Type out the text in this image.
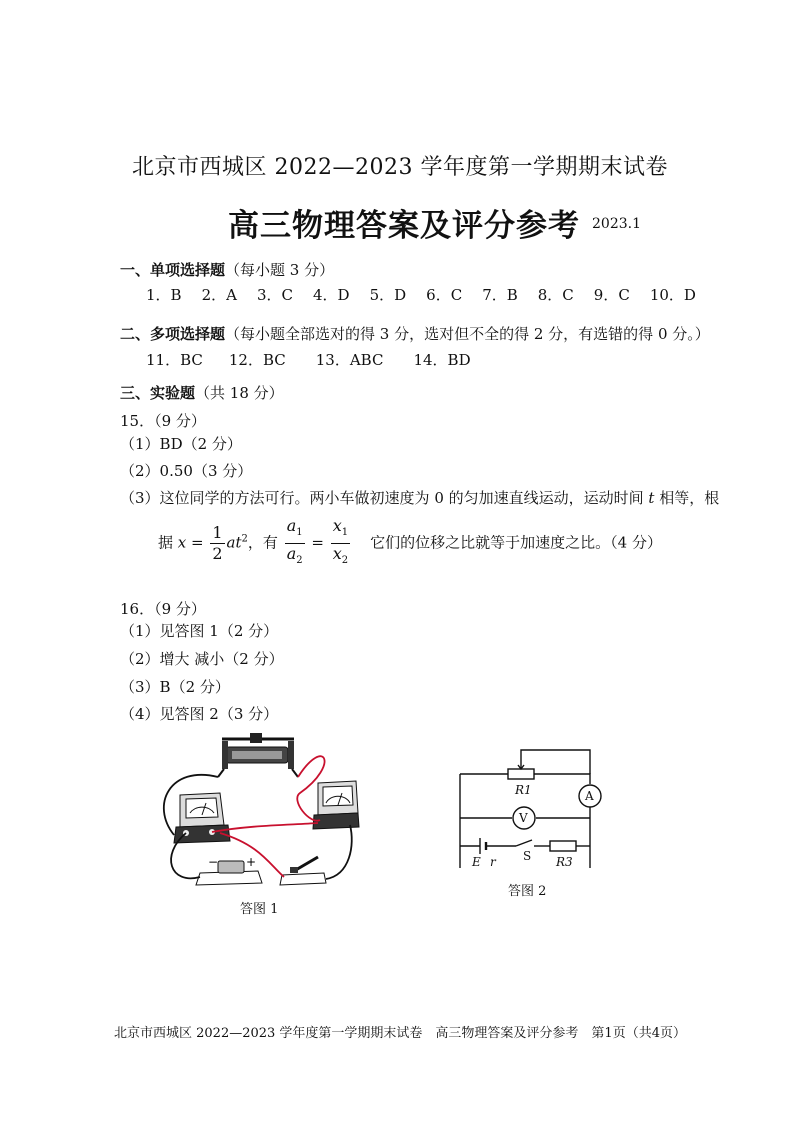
北京市西城区 2022—2023 学年度第一学期期末试卷
高三物理答案及评分参考 2023.1
一、单项选择题（每小题 3 分）
1．B 2．A 3．C 4．D 5．D 6．C 7．B 8．C 9．C 10．D
二、多项选择题（每小题全部选对的得 3 分，选对但不全的得 2 分，有选错的得 0 分。）
11．BC 12．BC 13．ABC 14．BD
三、实验题（共 18 分）
15．（9 分）
（1）BD（2 分）
（2）0.50（3 分）
（3）这位同学的方法可行。两小车做初速度为 0 的匀加速直线运动，运动时间 t 相等，根
据 $x = \frac{1}{2} at^2$，有 $\frac{a_1}{a_2} = \frac{x_1}{x_2}$ 它们的位移之比就等于加速度之比。（4 分）
16．（9 分）
（1）见答图 1（2 分）
（2）增大 减小（2 分）
（3）B（2 分）
（4）见答图 2（3 分）
− +
答图 1
R1	A
V
E r S R3
答图 2
北京市西城区 2022—2023 学年度第一学期期末试卷　高三物理答案及评分参考　第1页（共4页）
